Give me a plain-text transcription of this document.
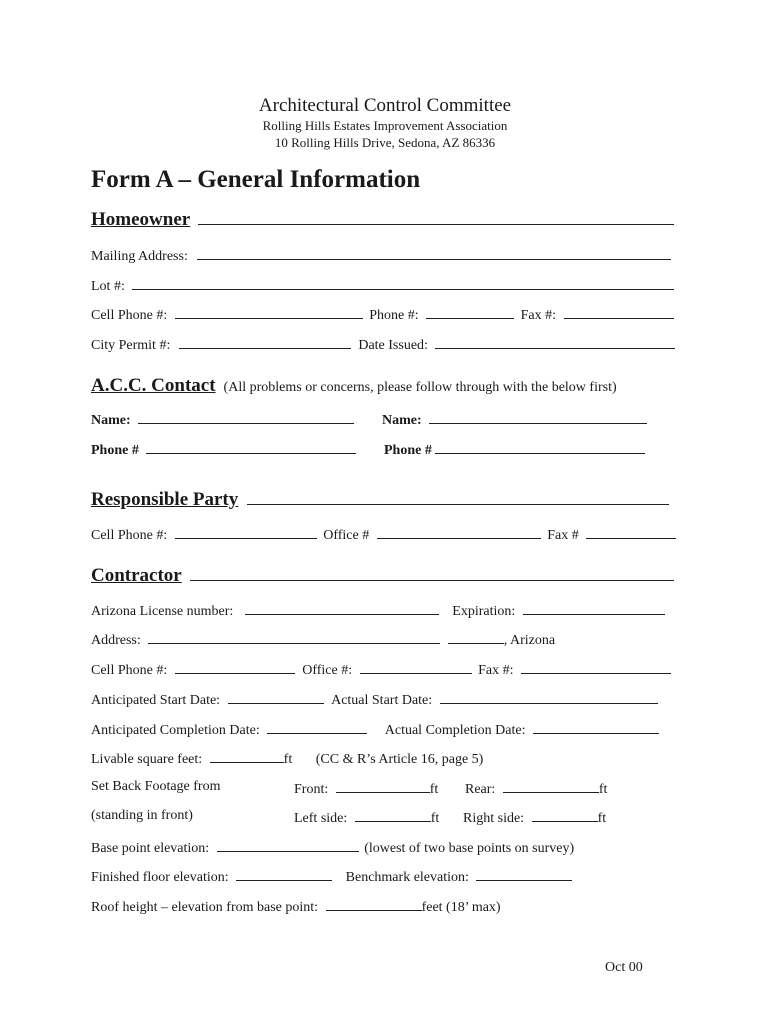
Architectural Control Committee
Rolling Hills Estates Improvement Association
10 Rolling Hills Drive, Sedona, AZ 86336
Form A – General Information
Homeowner
Mailing Address:
Lot #:
Cell Phone #:	Phone #:	Fax #:
City Permit #:	Date Issued:
A.C.C. Contact (All problems or concerns, please follow through with the below first)
Name:	Name:
Phone #	Phone #
Responsible Party
Cell Phone #:	Office #	Fax #
Contractor
Arizona License number:	Expiration:
Address:	, Arizona
Cell Phone #:	Office #:	Fax #:
Anticipated Start Date:	Actual Start Date:
Anticipated Completion Date:	Actual Completion Date:
Livable square feet:	ft (CC & R’s Article 16, page 5)
Set Back Footage from	Front:	ft Rear:	ft
(standing in front)	Left side:	ft Right side:	ft
Base point elevation:	(lowest of two base points on survey)
Finished floor elevation:	Benchmark elevation:
Roof height – elevation from base point:	feet (18’ max)
Oct 00
